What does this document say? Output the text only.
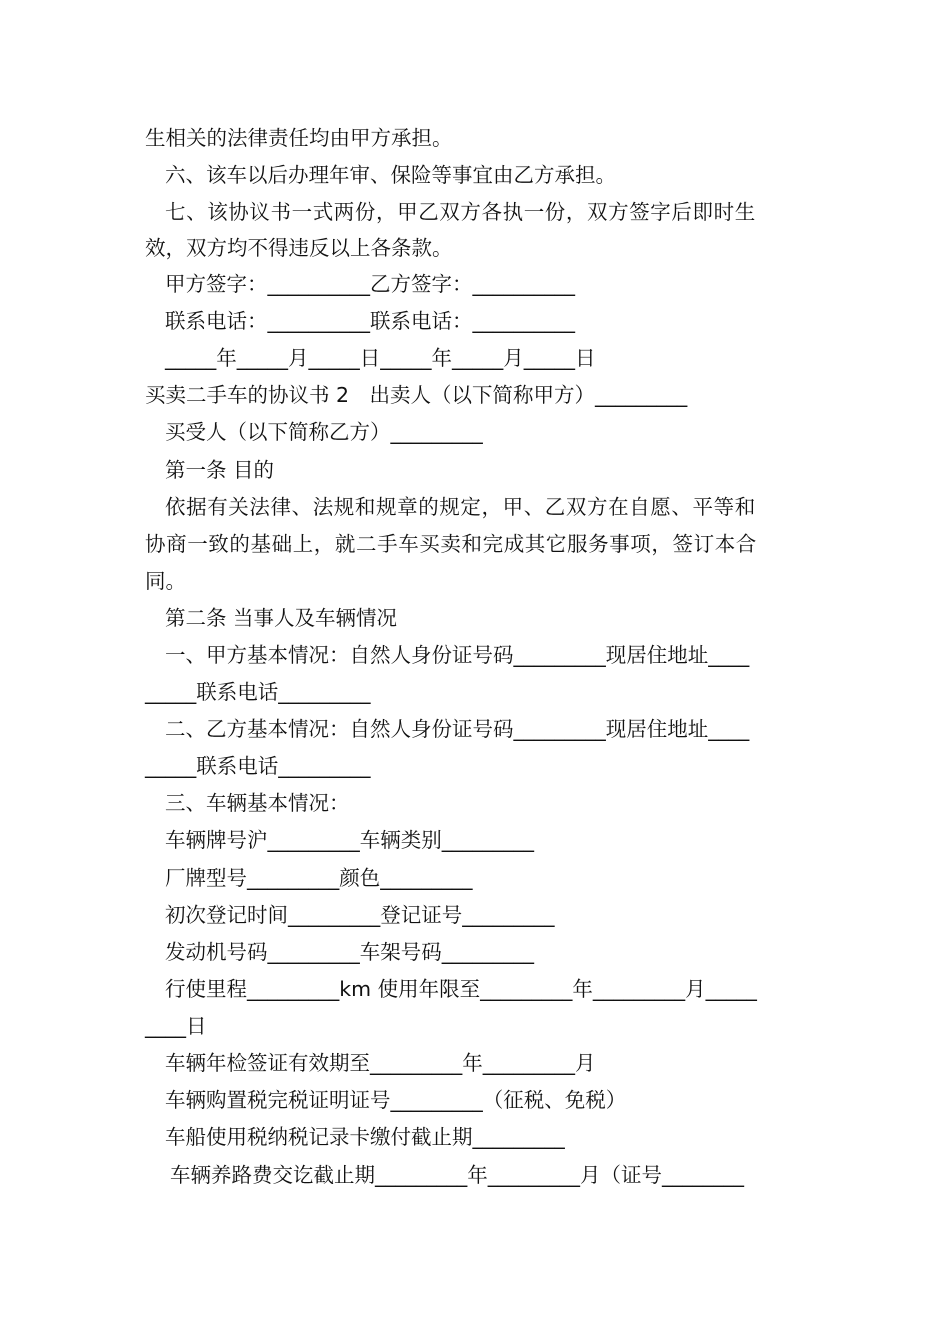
生相关的法律责任均由甲方承担。
六、该车以后办理年审、保险等事宜由乙方承担。
七、该协议书一式两份，甲乙双方各执一份，双方签字后即时生
效，双方均不得违反以上各条款。
甲方签字：__________乙方签字：__________
联系电话：__________联系电话：__________
_____年_____月_____日_____年_____月_____日
买卖二手车的协议书 2　出卖人（以下简称甲方）_________
买受人（以下简称乙方）_________
第一条 目的
依据有关法律、法规和规章的规定，甲、乙双方在自愿、平等和
协商一致的基础上，就二手车买卖和完成其它服务事项，签订本合
同。
第二条 当事人及车辆情况
一、甲方基本情况：自然人身份证号码_________现居住地址____
_____联系电话_________
二、乙方基本情况：自然人身份证号码_________现居住地址____
_____联系电话_________
三、车辆基本情况：
车辆牌号沪_________车辆类别_________
厂牌型号_________颜色_________
初次登记时间_________登记证号_________
发动机号码_________车架号码_________
行使里程_________km 使用年限至_________年_________月_____
____日
车辆年检签证有效期至_________年_________月
车辆购置税完税证明证号_________（征税、免税）
车船使用税纳税记录卡缴付截止期_________
车辆养路费交讫截止期_________年_________月（证号________
